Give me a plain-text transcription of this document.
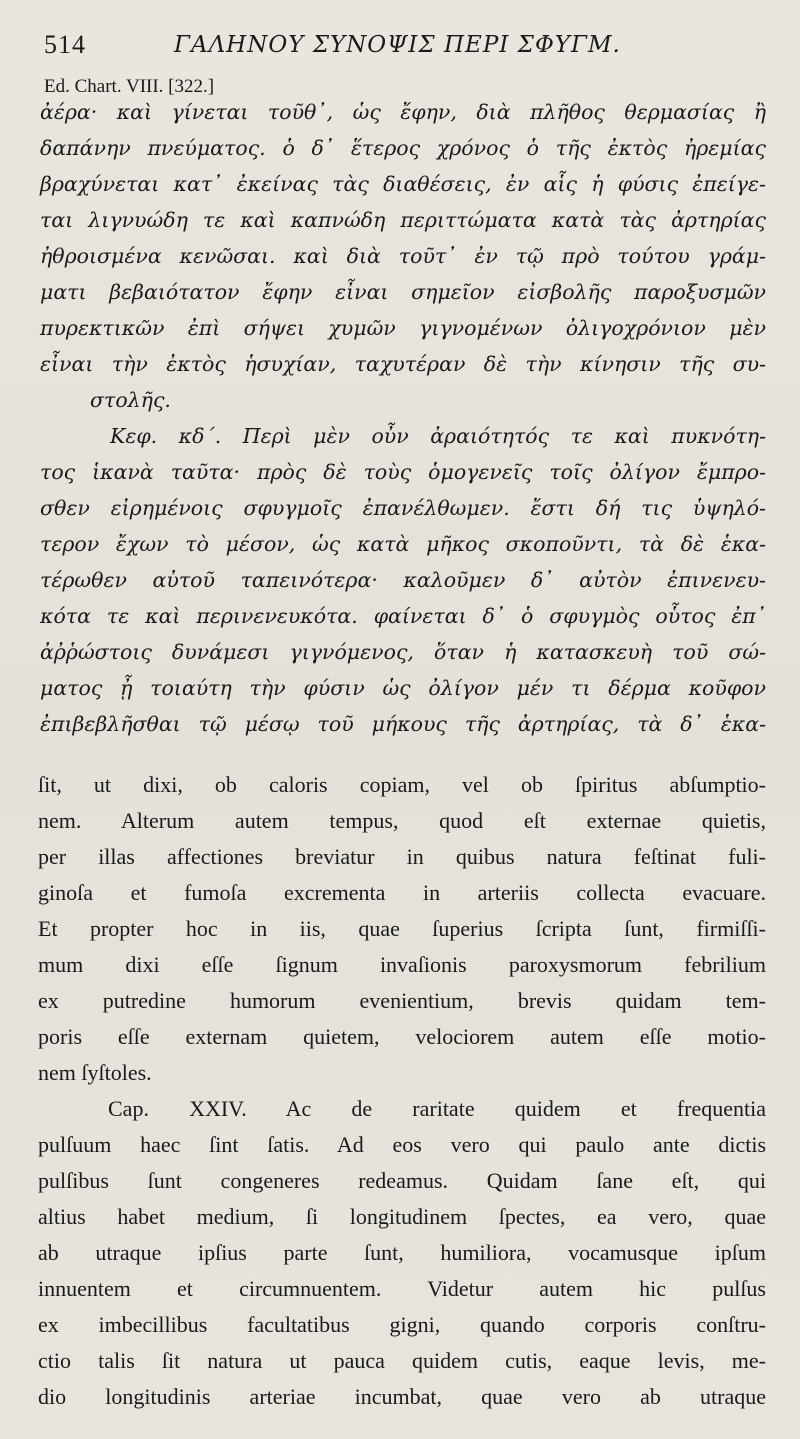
514	ΓΑΛΗΝΟΥ ΣΥΝΟΨΙΣ ΠΕΡΙ ΣΦΥΓΜ.
Ed. Chart. VIII. [322.]
ἀέρα· καὶ γίνεται τοῦθ᾽, ὡς ἔφην, διὰ πλῆθος θερμασίας ἢ
δαπάνην πνεύματος. ὁ δ᾽ ἕτερος χρόνος ὁ τῆς ἐκτὸς ἠρεμίας
βραχύνεται κατ᾽ ἐκείνας τὰς διαθέσεις, ἐν αἷς ἡ φύσις ἐπείγε-
ται λιγνυώδη τε καὶ καπνώδη περιττώματα κατὰ τὰς ἀρτηρίας
ἠθροισμένα κενῶσαι. καὶ διὰ τοῦτ᾽ ἐν τῷ πρὸ τούτου γράμ-
ματι βεβαιότατον ἔφην εἶναι σημεῖον εἰσβολῆς παροξυσμῶν
πυρεκτικῶν ἐπὶ σήψει χυμῶν γιγνομένων ὀλιγοχρόνιον μὲν
εἶναι τὴν ἐκτὸς ἡσυχίαν, ταχυτέραν δὲ τὴν κίνησιν τῆς συ-
στολῆς.
Κεφ. κδ΄. Περὶ μὲν οὖν ἀραιότητός τε καὶ πυκνότη-
τος ἱκανὰ ταῦτα· πρὸς δὲ τοὺς ὁμογενεῖς τοῖς ὀλίγον ἔμπρο-
σθεν εἰρημένοις σφυγμοῖς ἐπανέλθωμεν. ἔστι δή τις ὑψηλό-
τερον ἔχων τὸ μέσον, ὡς κατὰ μῆκος σκοποῦντι, τὰ δὲ ἑκα-
τέρωθεν αὐτοῦ ταπεινότερα· καλοῦμεν δ᾽ αὐτὸν ἐπινενευ-
κότα τε καὶ περινενευκότα. φαίνεται δ᾽ ὁ σφυγμὸς οὗτος ἐπ᾽
ἀῤῥώστοις δυνάμεσι γιγνόμενος, ὅταν ἡ κατασκευὴ τοῦ σώ-
ματος ᾖ τοιαύτη τὴν φύσιν ὡς ὀλίγον μέν τι δέρμα κοῦφον
ἐπιβεβλῆσθαι τῷ μέσῳ τοῦ μήκους τῆς ἀρτηρίας, τὰ δ᾽ ἑκα-
ſit, ut dixi, ob caloris copiam, vel ob ſpiritus abſumptio-
nem. Alterum autem tempus, quod eſt externae quietis,
per illas affectiones breviatur in quibus natura feſtinat fuli-
ginoſa et fumoſa excrementa in arteriis collecta evacuare.
Et propter hoc in iis, quae ſuperius ſcripta ſunt, firmiſſi-
mum dixi eſſe ſignum invaſionis paroxysmorum febrilium
ex putredine humorum evenientium, brevis quidam tem-
poris eſſe externam quietem, velociorem autem eſſe motio-
nem ſyſtoles.
Cap. XXIV. Ac de raritate quidem et frequentia
pulſuum haec ſint ſatis. Ad eos vero qui paulo ante dictis
pulſibus ſunt congeneres redeamus. Quidam ſane eſt, qui
altius habet medium, ſi longitudinem ſpectes, ea vero, quae
ab utraque ipſius parte ſunt, humiliora, vocamusque ipſum
innuentem et circumnuentem. Videtur autem hic pulſus
ex imbecillibus facultatibus gigni, quando corporis conſtru-
ctio talis ſit natura ut pauca quidem cutis, eaque levis, me-
dio longitudinis arteriae incumbat, quae vero ab utraque
